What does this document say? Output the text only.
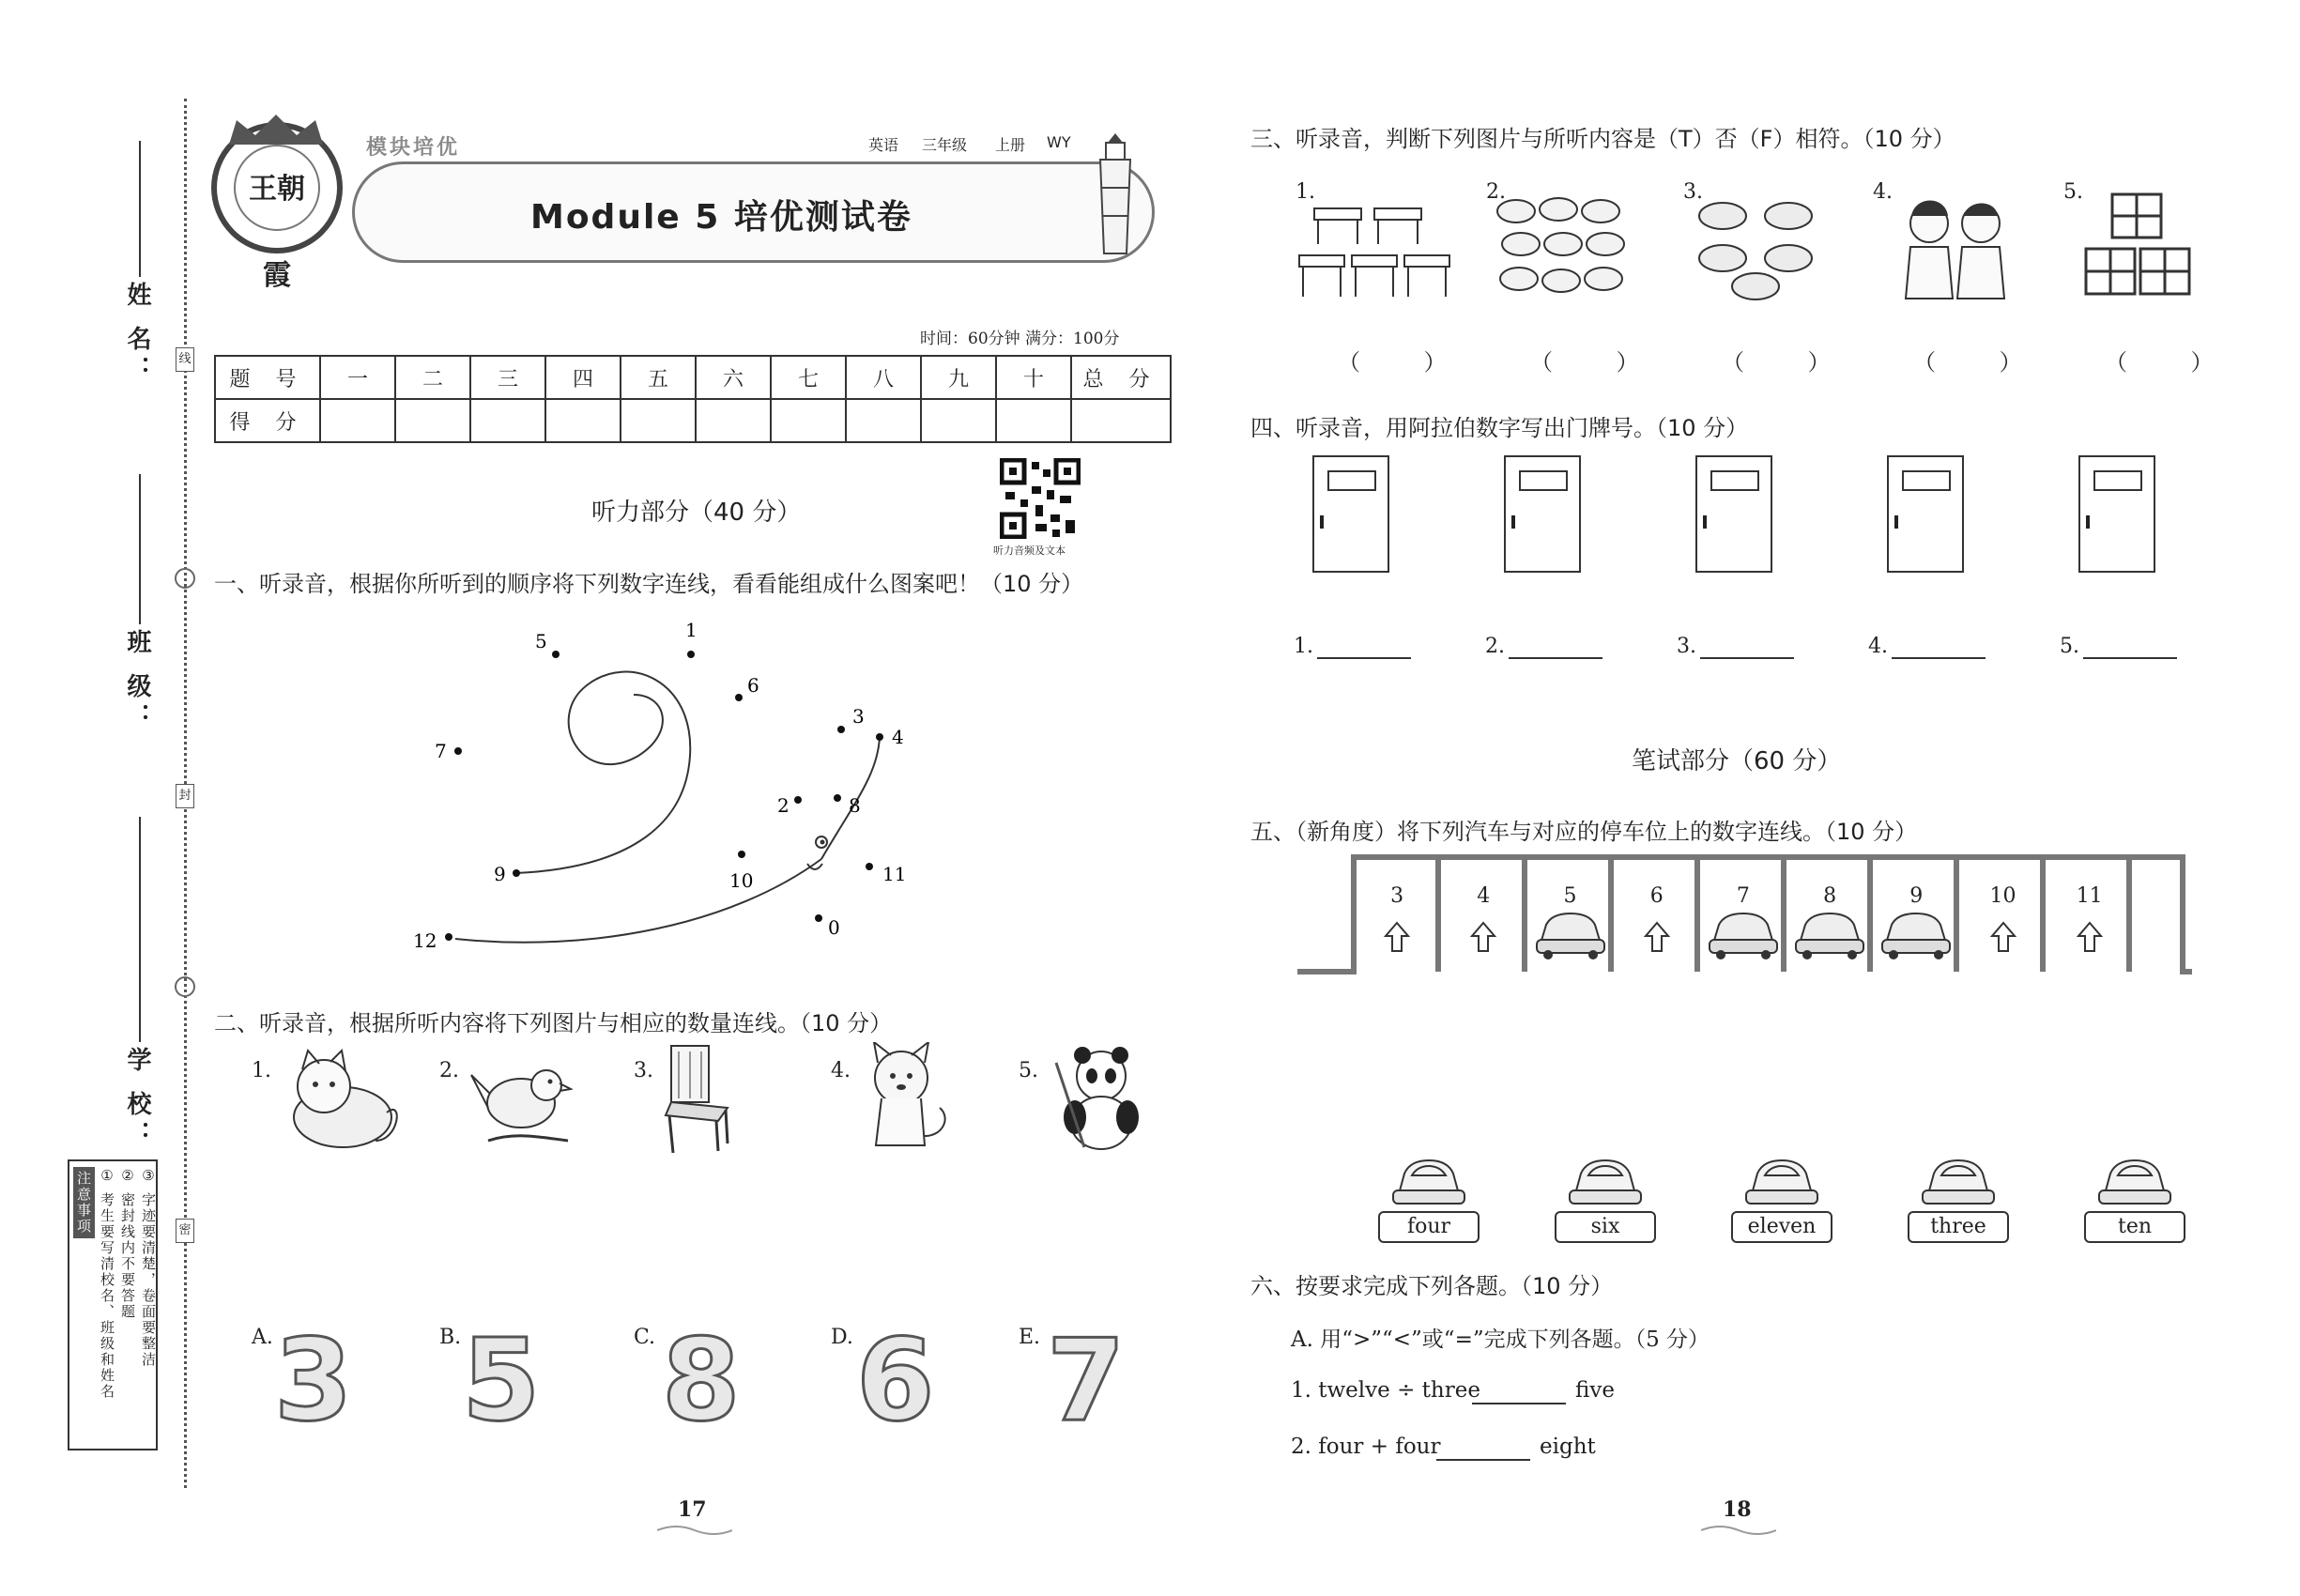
姓 名：
班 级：
学 校：
线
封
密
注意事项 ① 考生要写清校名、班级和姓名 ② 密封线内不要答题 ③ 字迹要清楚，卷面要整洁
王朝霞
模块培优	英语 三年级 上册 WY
Module 5 培优测试卷
时间：60分钟 满分：100分
题 号	一	二	三	四	五	六	七	八	九	十	总 分
得 分											
听力部分（40 分）
听力音频及文本
一、听录音，根据你所听到的顺序将下列数字连线，看看能组成什么图案吧！（10 分）
5	1
6
3
7
4
2	8
10	11
9
0
12
二、听录音，根据所听内容将下列图片与相应的数量连线。（10 分）
1.	2.	3.	4.	5.
A. 3	B. 5	C. 8	D. 6	E. 7
17
三、听录音，判断下列图片与所听内容是（T）否（F）相符。（10 分）
1.	2.	3.	4.	5.
（ ） （ ） （ ） （ ） （ ）
四、听录音，用阿拉伯数字写出门牌号。（10 分）
1.	2.	3.	4.	5.
笔试部分（60 分）
五、（新角度）将下列汽车与对应的停车位上的数字连线。（10 分）
3	4	5	6	7	8	9	10	11
four	six	eleven	three	ten
六、按要求完成下列各题。（10 分）
A. 用“>”“<”或“=”完成下列各题。（5 分）
1. twelve ÷ three	five
2. four + four	eight
18
